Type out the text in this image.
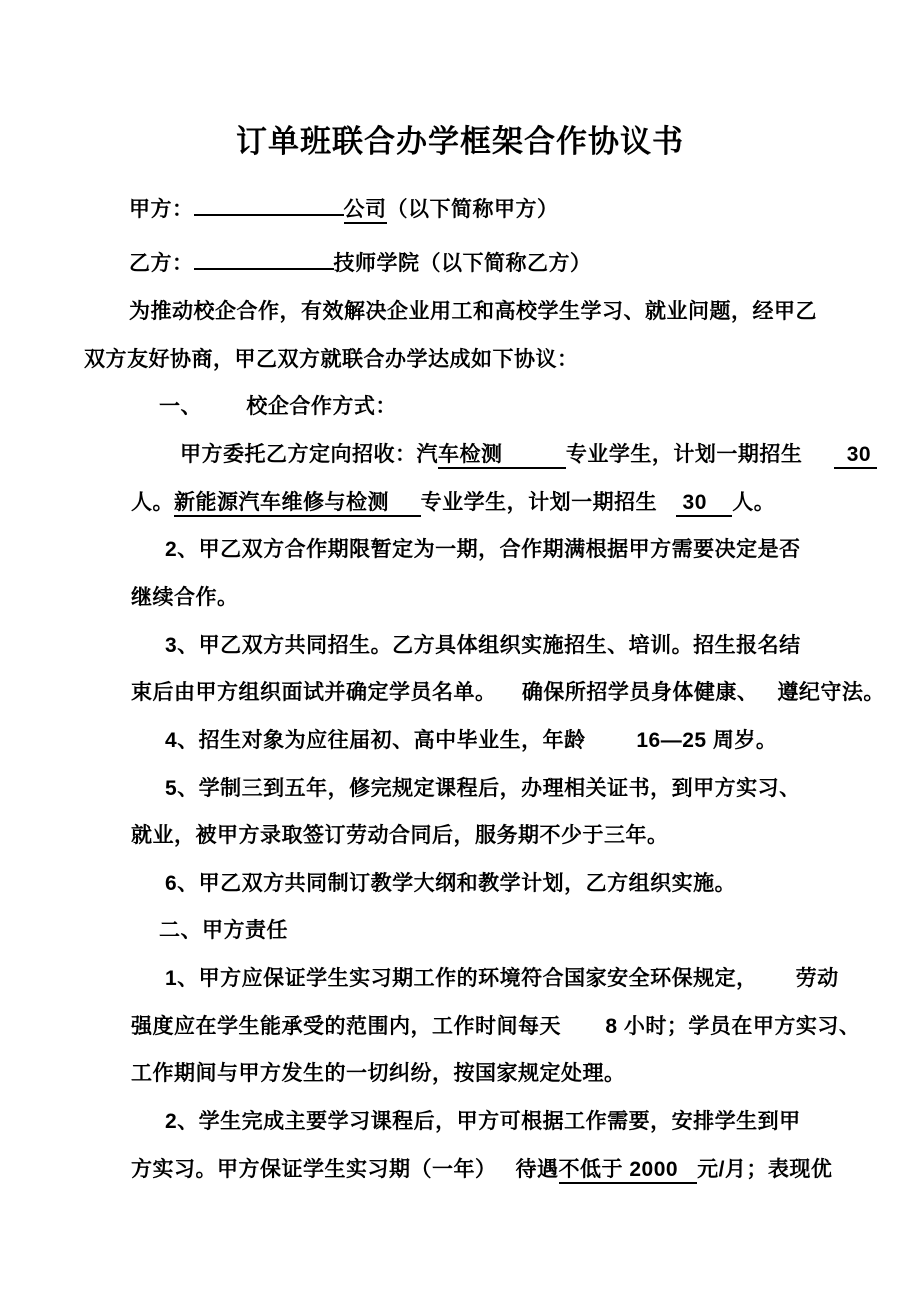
订单班联合办学框架合作协议书
甲方：	公司（以下简称甲方）
乙方：	技师学院（以下简称乙方）
为推动校企合作，有效解决企业用工和高校学生学习、就业问题，经甲乙
双方友好协商，甲乙双方就联合办学达成如下协议：
一、       校企合作方式：
甲方委托乙方定向招收：汽车检测          专业学生，计划一期招生       30
人。新能源汽车维修与检测     专业学生，计划一期招生    30    人。
2、甲乙双方合作期限暂定为一期，合作期满根据甲方需要决定是否
继续合作。
3、甲乙双方共同招生。乙方具体组织实施招生、培训。招生报名结
束后由甲方组织面试并确定学员名单。    确保所招学员身体健康、   遵纪守法。
4、招生对象为应往届初、高中毕业生，年龄        16—25 周岁。
5、学制三到五年，修完规定课程后，办理相关证书，到甲方实习、
就业，被甲方录取签订劳动合同后，服务期不少于三年。
6、甲乙双方共同制订教学大纲和教学计划，乙方组织实施。
二、甲方责任
1、甲方应保证学生实习期工作的环境符合国家安全环保规定，      劳动
强度应在学生能承受的范围内，工作时间每天       8 小时；学员在甲方实习、
工作期间与甲方发生的一切纠纷，按国家规定处理。
2、学生完成主要学习课程后，甲方可根据工作需要，安排学生到甲
方实习。甲方保证学生实习期（一年）   待遇不低于 2000   元/月；表现优
